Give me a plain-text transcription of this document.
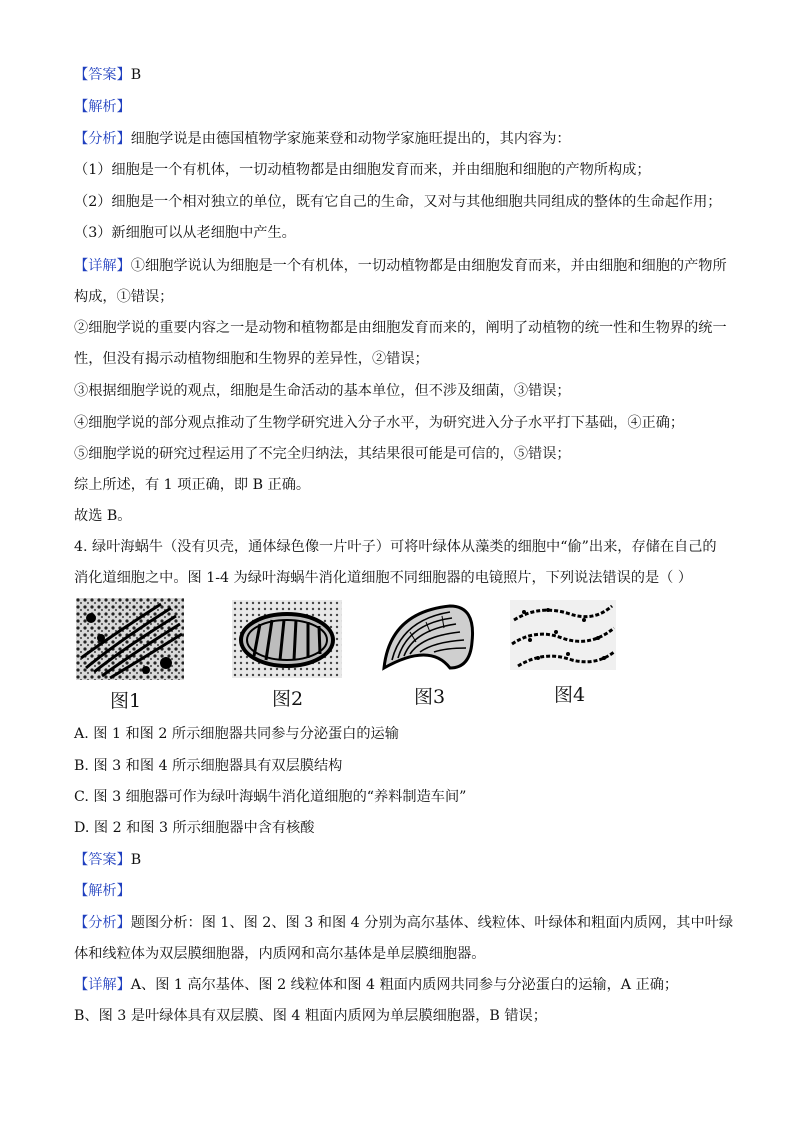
【答案】B
【解析】
【分析】细胞学说是由德国植物学家施莱登和动物学家施旺提出的，其内容为：
（1）细胞是一个有机体，一切动植物都是由细胞发育而来，并由细胞和细胞的产物所构成；
（2）细胞是一个相对独立的单位，既有它自己的生命，又对与其他细胞共同组成的整体的生命起作用；
（3）新细胞可以从老细胞中产生。
【详解】①细胞学说认为细胞是一个有机体，一切动植物都是由细胞发育而来，并由细胞和细胞的产物所
构成，①错误；
②细胞学说的重要内容之一是动物和植物都是由细胞发育而来的，阐明了动植物的统一性和生物界的统一
性，但没有揭示动植物细胞和生物界的差异性，②错误；
③根据细胞学说的观点，细胞是生命活动的基本单位，但不涉及细菌，③错误；
④细胞学说的部分观点推动了生物学研究进入分子水平，为研究进入分子水平打下基础，④正确；
⑤细胞学说的研究过程运用了不完全归纳法，其结果很可能是可信的，⑤错误；
综上所述，有 1 项正确，即 B 正确。
故选 B。
4. 绿叶海蜗牛（没有贝壳，通体绿色像一片叶子）可将叶绿体从藻类的细胞中“偷”出来，存储在自己的
消化道细胞之中。图 1-4 为绿叶海蜗牛消化道细胞不同细胞器的电镜照片，下列说法错误的是（ ）
图1	图2	图3	图4
A. 图 1 和图 2 所示细胞器共同参与分泌蛋白的运输
B. 图 3 和图 4 所示细胞器具有双层膜结构
C. 图 3 细胞器可作为绿叶海蜗牛消化道细胞的“养料制造车间”
D. 图 2 和图 3 所示细胞器中含有核酸
【答案】B
【解析】
【分析】题图分析：图 1、图 2、图 3 和图 4 分别为高尔基体、线粒体、叶绿体和粗面内质网，其中叶绿
体和线粒体为双层膜细胞器，内质网和高尔基体是单层膜细胞器。
【详解】A、图 1 高尔基体、图 2 线粒体和图 4 粗面内质网共同参与分泌蛋白的运输，A 正确；
B、图 3 是叶绿体具有双层膜、图 4 粗面内质网为单层膜细胞器，B 错误；
